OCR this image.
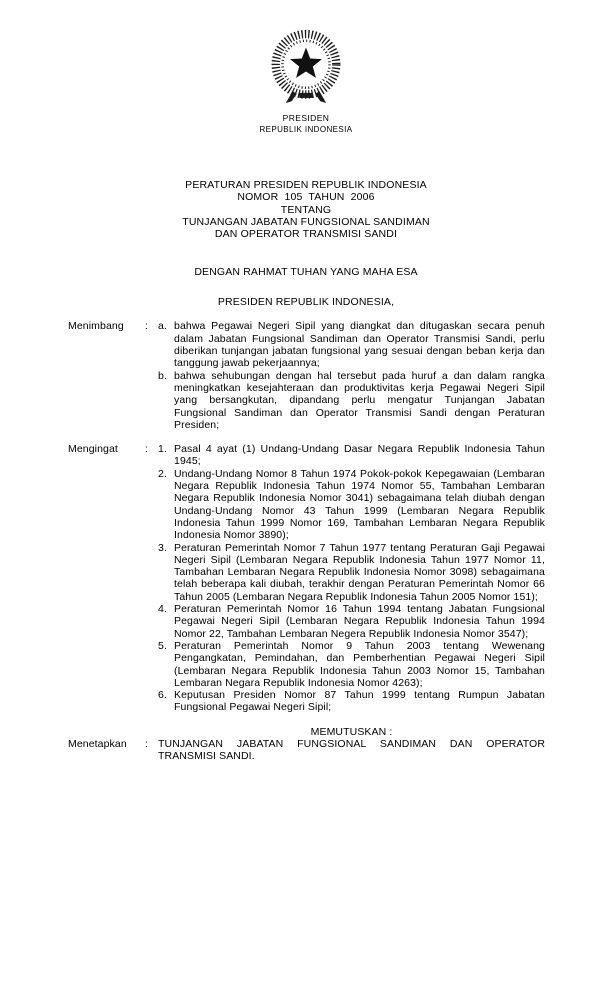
PRESIDEN
REPUBLIK INDONESIA
PERATURAN PRESIDEN REPUBLIK INDONESIA
NOMOR  105  TAHUN  2006
TENTANG
TUNJANGAN JABATAN FUNGSIONAL SANDIMAN
DAN OPERATOR TRANSMISI SANDI
DENGAN RAHMAT TUHAN YANG MAHA ESA
PRESIDEN REPUBLIK INDONESIA,
Menimbang : a. bahwa Pegawai Negeri Sipil yang diangkat dan ditugaskan secara penuh dalam Jabatan Fungsional Sandiman dan Operator Transmisi Sandi, perlu diberikan tunjangan jabatan fungsional yang sesuai dengan beban kerja dan tanggung jawab pekerjaannya;
b. bahwa sehubungan dengan hal tersebut pada huruf a dan dalam rangka meningkatkan kesejahteraan dan produktivitas kerja Pegawai Negeri Sipil yang bersangkutan, dipandang perlu mengatur Tunjangan Jabatan Fungsional Sandiman dan Operator Transmisi Sandi dengan Peraturan Presiden;
Mengingat	: 1. Pasal 4 ayat (1) Undang-Undang Dasar Negara Republik Indonesia Tahun 1945;
2. Undang-Undang Nomor 8 Tahun 1974 Pokok-pokok Kepegawaian (Lembaran Negara Republik Indonesia Tahun 1974 Nomor 55, Tambahan Lembaran Negara Republik Indonesia Nomor 3041) sebagaimana telah diubah dengan Undang-Undang Nomor 43 Tahun 1999 (Lembaran Negara Republik Indonesia Tahun 1999 Nomor 169, Tambahan Lembaran Negara Republik Indonesia Nomor 3890);
3. Peraturan Pemerintah Nomor 7 Tahun 1977 tentang Peraturan Gaji Pegawai Negeri Sipil (Lembaran Negara Republik Indonesia Tahun 1977 Nomor 11, Tambahan Lembaran Negara Republik Indonesia Nomor 3098) sebagaimana telah beberapa kali diubah, terakhir dengan Peraturan Pemerintah Nomor 66 Tahun 2005 (Lembaran Negara Republik Indonesia Tahun 2005 Nomor 151);
4. Peraturan Pemerintah Nomor 16 Tahun 1994 tentang Jabatan Fungsional Pegawai Negeri Sipil (Lembaran Negara Republik Indonesia Tahun 1994 Nomor 22, Tambahan Lembaran Negera Republik Indonesia Nomor 3547);
5. Peraturan Pemerintah Nomor 9 Tahun 2003 tentang Wewenang Pengangkatan, Pemindahan, dan Pemberhentian Pegawai Negeri Sipil (Lembaran Negara Republik Indonesia Tahun 2003 Nomor 15, Tambahan Lembaran Negara Republik Indonesia Nomor 4263);
6. Keputusan Presiden Nomor 87 Tahun 1999 tentang Rumpun Jabatan Fungsional Pegawai Negeri Sipil;
MEMUTUSKAN :
Menetapkan : TUNJANGAN JABATAN FUNGSIONAL SANDIMAN DAN OPERATOR TRANSMISI SANDI.
